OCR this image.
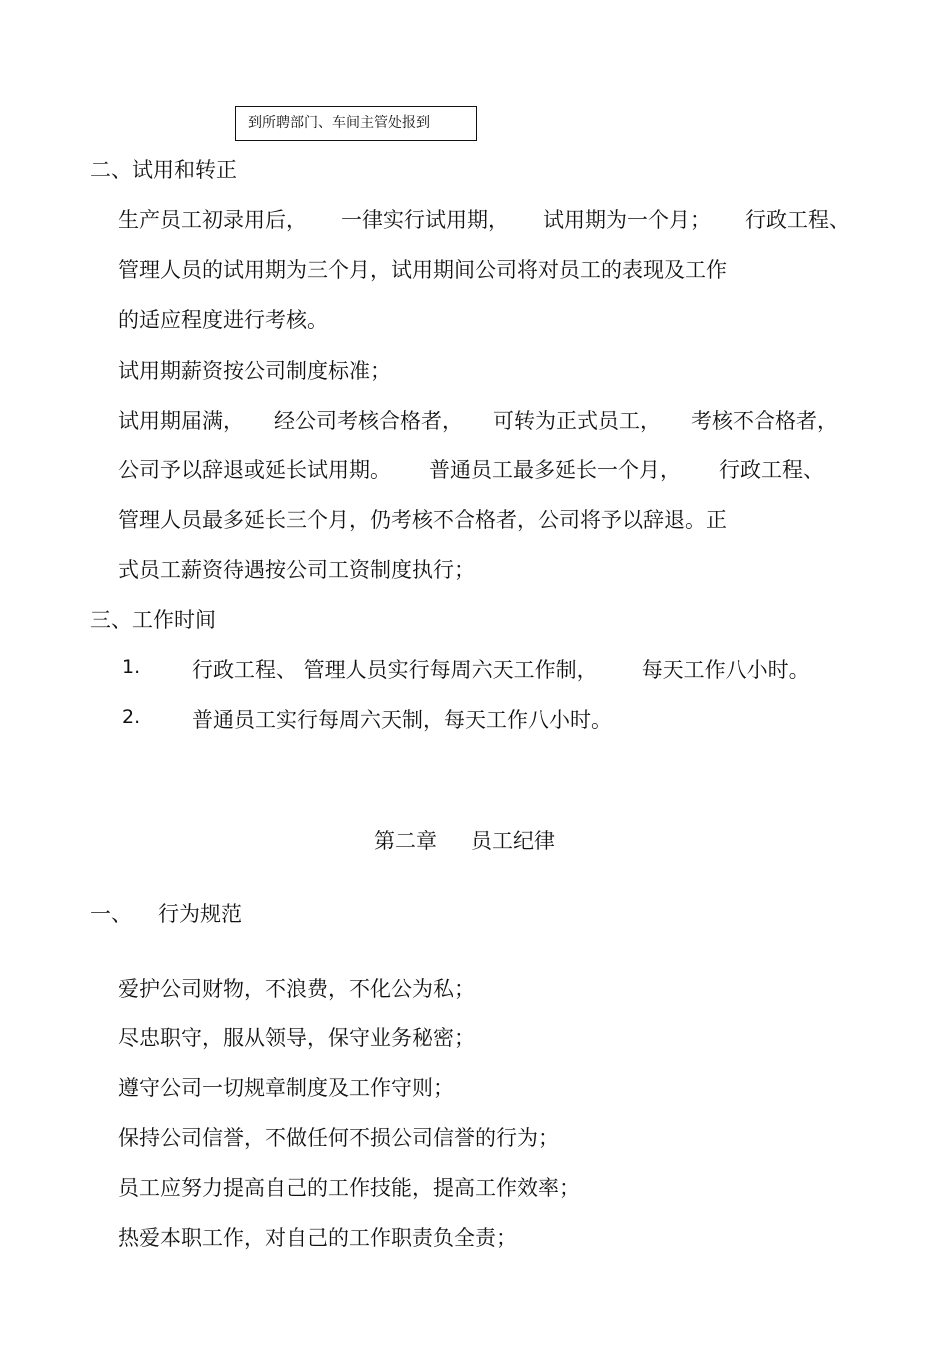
到所聘部门、车间主管处报到
二、试用和转正
生产员工初录用后， 一律实行试用期， 试用期为一个月； 行政工程、
管理人员的试用期为三个月，试用期间公司将对员工的表现及工作
的适应程度进行考核。
试用期薪资按公司制度标准；
试用期届满， 经公司考核合格者， 可转为正式员工， 考核不合格者，
公司予以辞退或延长试用期。 普通员工最多延长一个月， 行政工程、
管理人员最多延长三个月，仍考核不合格者，公司将予以辞退。正
式员工薪资待遇按公司工资制度执行；
三、工作时间
1. 行政工程、 管理人员实行每周六天工作制， 每天工作八小时。
2. 普通员工实行每周六天制，每天工作八小时。
第二章 员工纪律
一、 行为规范
爱护公司财物，不浪费，不化公为私；
尽忠职守，服从领导，保守业务秘密；
遵守公司一切规章制度及工作守则；
保持公司信誉，不做任何不损公司信誉的行为；
员工应努力提高自己的工作技能，提高工作效率；
热爱本职工作，对自己的工作职责负全责；
